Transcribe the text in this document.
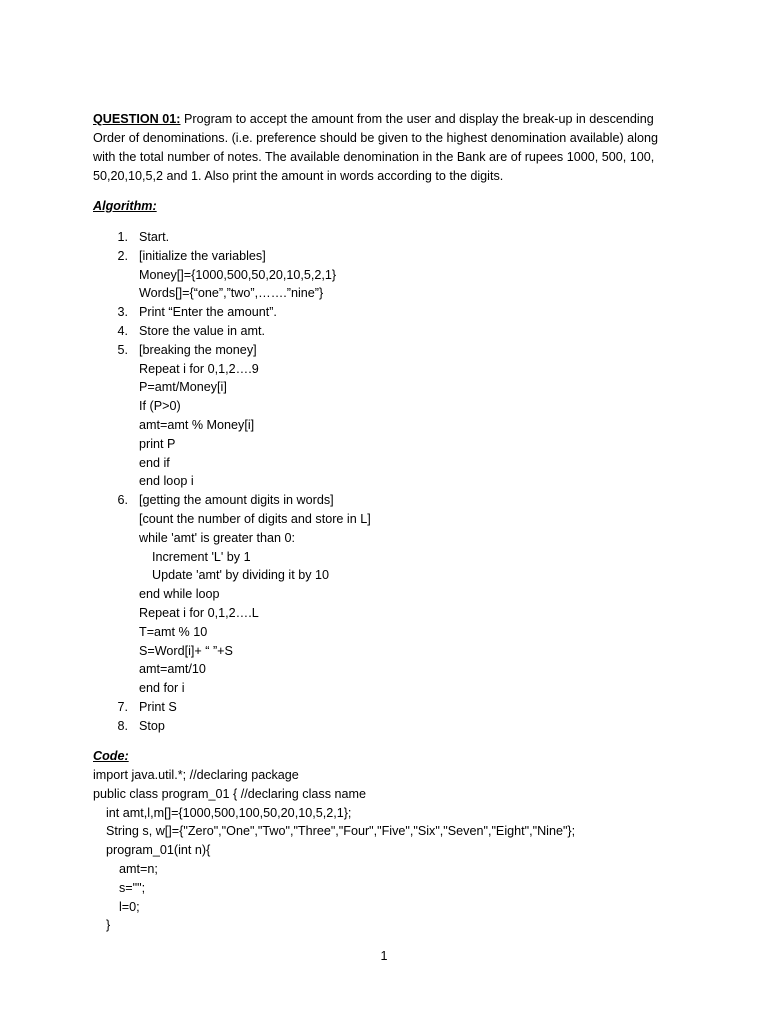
QUESTION 01: Program to accept the amount from the user and display the break-up in descending Order of denominations. (i.e. preference should be given to the highest denomination available) along with the total number of notes. The available denomination in the Bank are of rupees 1000, 500, 100, 50,20,10,5,2 and 1. Also print the amount in words according to the digits.
Algorithm:
1. Start.
2. [initialize the variables]
Money[]={1000,500,50,20,10,5,2,1}
Words[]={“one”,”two”,…….”nine”}
3. Print “Enter the amount”.
4. Store the value in amt.
5. [breaking the money]
Repeat i for 0,1,2….9
P=amt/Money[i]
If (P>0)
amt=amt % Money[i]
print P
end if
end loop i
6. [getting the amount digits in words]
[count the number of digits and store in L]
while 'amt' is greater than 0:
Increment 'L' by 1
Update 'amt' by dividing it by 10
end while loop
Repeat i for 0,1,2….L
T=amt % 10
S=Word[i]+ “ ”+S
amt=amt/10
end for i
7. Print S
8. Stop
Code:
import java.util.*; //declaring package
public class program_01 { //declaring class name
int amt,l,m[]={1000,500,100,50,20,10,5,2,1};
String s, w[]={"Zero","One","Two","Three","Four","Five","Six","Seven","Eight","Nine"};
program_01(int n){
amt=n;
s="";
l=0;
}
1
